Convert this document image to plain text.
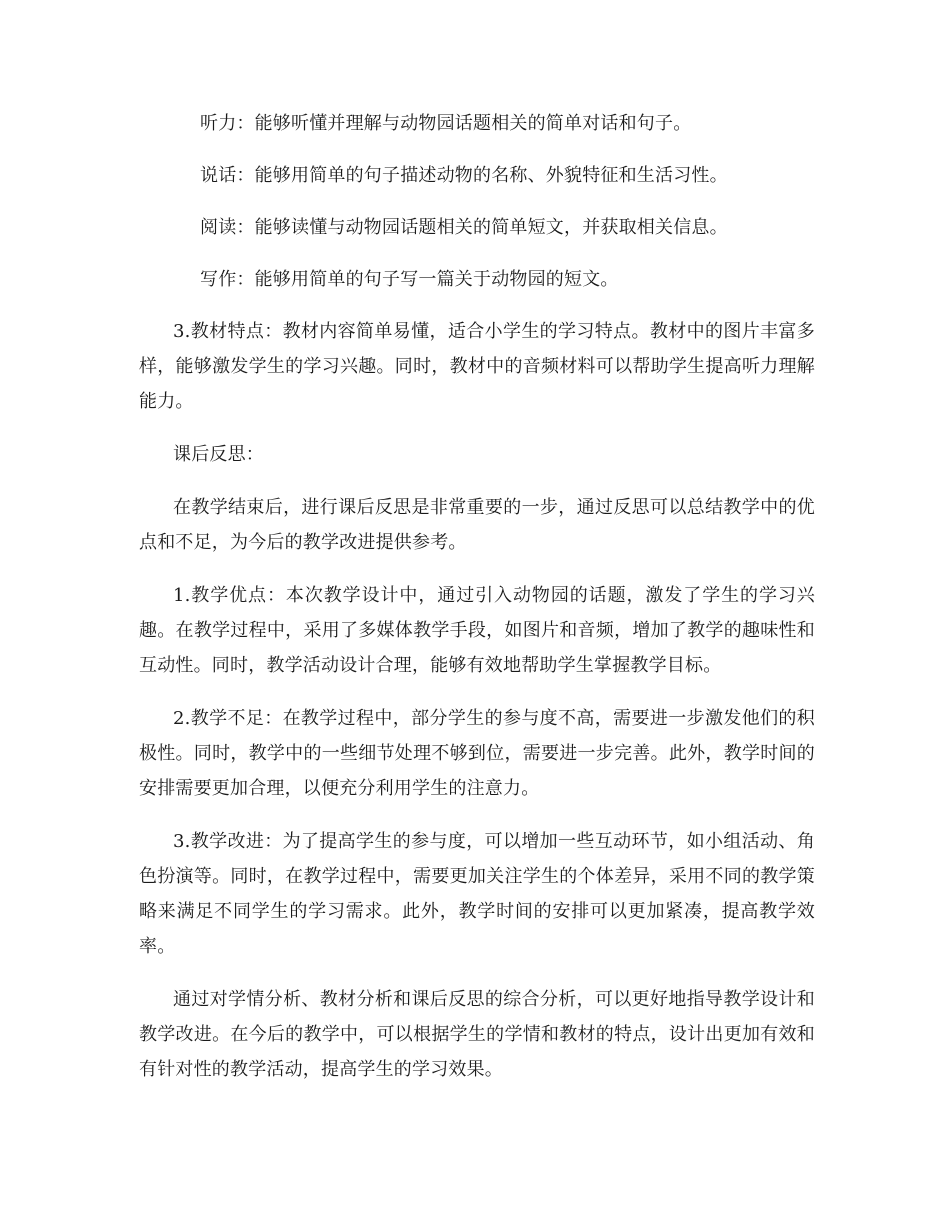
听力：能够听懂并理解与动物园话题相关的简单对话和句子。

说话：能够用简单的句子描述动物的名称、外貌特征和生活习性。

阅读：能够读懂与动物园话题相关的简单短文，并获取相关信息。

写作：能够用简单的句子写一篇关于动物园的短文。

3.教材特点：教材内容简单易懂，适合小学生的学习特点。教材中的图片丰富多样，能够激发学生的学习兴趣。同时，教材中的音频材料可以帮助学生提高听力理解能力。

课后反思：

在教学结束后，进行课后反思是非常重要的一步，通过反思可以总结教学中的优点和不足，为今后的教学改进提供参考。

1.教学优点：本次教学设计中，通过引入动物园的话题，激发了学生的学习兴趣。在教学过程中，采用了多媒体教学手段，如图片和音频，增加了教学的趣味性和互动性。同时，教学活动设计合理，能够有效地帮助学生掌握教学目标。

2.教学不足：在教学过程中，部分学生的参与度不高，需要进一步激发他们的积极性。同时，教学中的一些细节处理不够到位，需要进一步完善。此外，教学时间的安排需要更加合理，以便充分利用学生的注意力。

3.教学改进：为了提高学生的参与度，可以增加一些互动环节，如小组活动、角色扮演等。同时，在教学过程中，需要更加关注学生的个体差异，采用不同的教学策略来满足不同学生的学习需求。此外，教学时间的安排可以更加紧凑，提高教学效率。

通过对学情分析、教材分析和课后反思的综合分析，可以更好地指导教学设计和教学改进。在今后的教学中，可以根据学生的学情和教材的特点，设计出更加有效和有针对性的教学活动，提高学生的学习效果。
